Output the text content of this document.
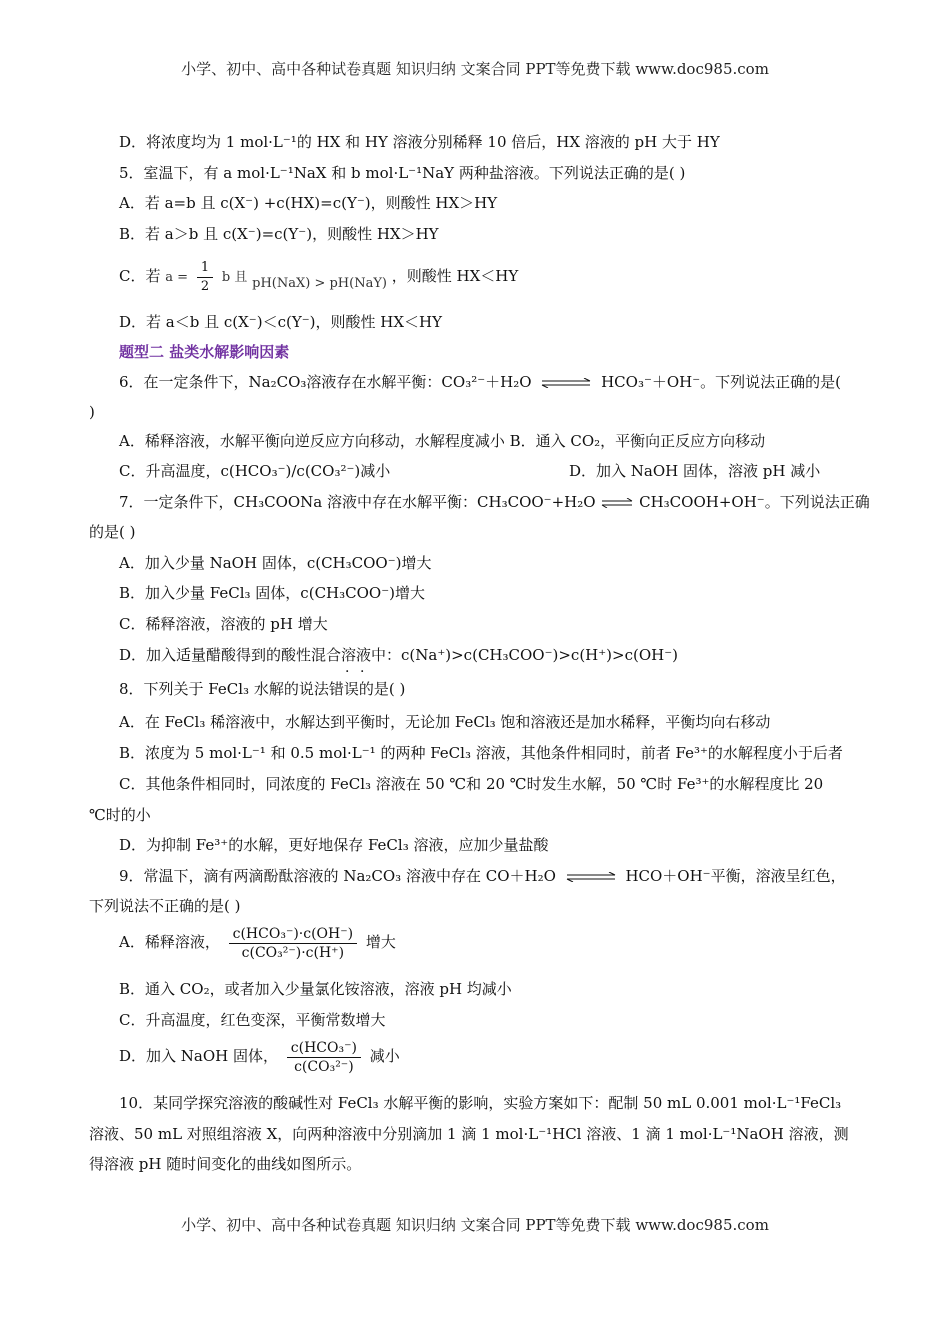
小学、初中、高中各种试卷真题 知识归纳 文案合同 PPT等免费下载 www.doc985.com
D．将浓度均为 1 mol·L⁻¹的 HX 和 HY 溶液分别稀释 10 倍后，HX 溶液的 pH 大于 HY
5．室温下，有 a mol·L⁻¹NaX 和 b mol·L⁻¹NaY 两种盐溶液。下列说法正确的是( )
A．若 a=b 且 c(X⁻) +c(HX)=c(Y⁻)，则酸性 HX＞HY
B．若 a＞b 且 c(X⁻)=c(Y⁻)，则酸性 HX＞HY
C．若 $a = \frac{1}{2}$ b 且 pH(NaX) > pH(NaY) ，则酸性 HX＜HY
D．若 a＜b 且 c(X⁻)＜c(Y⁻)，则酸性 HX＜HY
题型二 盐类水解影响因素
6．在一定条件下，Na₂CO₃溶液存在水解平衡：CO₃²⁻＋H₂O ⇌ HCO₃⁻＋OH⁻。下列说法正确的是(
)
A．稀释溶液，水解平衡向逆反应方向移动，水解程度减小 B．通入 CO₂，平衡向正反应方向移动
C．升高温度，c(HCO₃⁻)/c(CO₃²⁻)减小	D．加入 NaOH 固体，溶液 pH 减小
7．一定条件下，CH₃COONa 溶液中存在水解平衡：CH₃COO⁻+H₂O ⇌ CH₃COOH+OH⁻。下列说法正确
的是( )
A．加入少量 NaOH 固体，c(CH₃COO⁻)增大
B．加入少量 FeCl₃ 固体，c(CH₃COO⁻)增大
C．稀释溶液，溶液的 pH 增大
D．加入适量醋酸得到的酸性混合溶液中：c(Na⁺)>c(CH₃COO⁻)>c(H⁺)>c(OH⁻)
8．下列关于 FeCl₃ 水解的说法错误的是( )
· ·
A．在 FeCl₃ 稀溶液中，水解达到平衡时，无论加 FeCl₃ 饱和溶液还是加水稀释，平衡均向右移动
B．浓度为 5 mol·L⁻¹ 和 0.5 mol·L⁻¹ 的两种 FeCl₃ 溶液，其他条件相同时，前者 Fe³⁺的水解程度小于后者
C．其他条件相同时，同浓度的 FeCl₃ 溶液在 50 ℃和 20 ℃时发生水解，50 ℃时 Fe³⁺的水解程度比 20
℃时的小
D．为抑制 Fe³⁺的水解，更好地保存 FeCl₃ 溶液，应加少量盐酸
9．常温下，滴有两滴酚酞溶液的 Na₂CO₃ 溶液中存在 CO＋H₂O ⇌ HCO＋OH⁻平衡，溶液呈红色，
下列说法不正确的是( )
A．稀释溶液， $\frac{\text{c(HCO₃⁻)·c(OH⁻)}}{\text{c(CO₃²⁻)·c(H⁺)}}$ 增大
B．通入 CO₂，或者加入少量氯化铵溶液，溶液 pH 均减小
C．升高温度，红色变深，平衡常数增大
D．加入 NaOH 固体， $\frac{\text{c(HCO₃⁻)}}{\text{c(CO₃²⁻)}}$ 减小
10．某同学探究溶液的酸碱性对 FeCl₃ 水解平衡的影响，实验方案如下：配制 50 mL 0.001 mol·L⁻¹FeCl₃
溶液、50 mL 对照组溶液 X，向两种溶液中分别滴加 1 滴 1 mol·L⁻¹HCl 溶液、1 滴 1 mol·L⁻¹NaOH 溶液，测
得溶液 pH 随时间变化的曲线如图所示。
小学、初中、高中各种试卷真题 知识归纳 文案合同 PPT等免费下载 www.doc985.com
